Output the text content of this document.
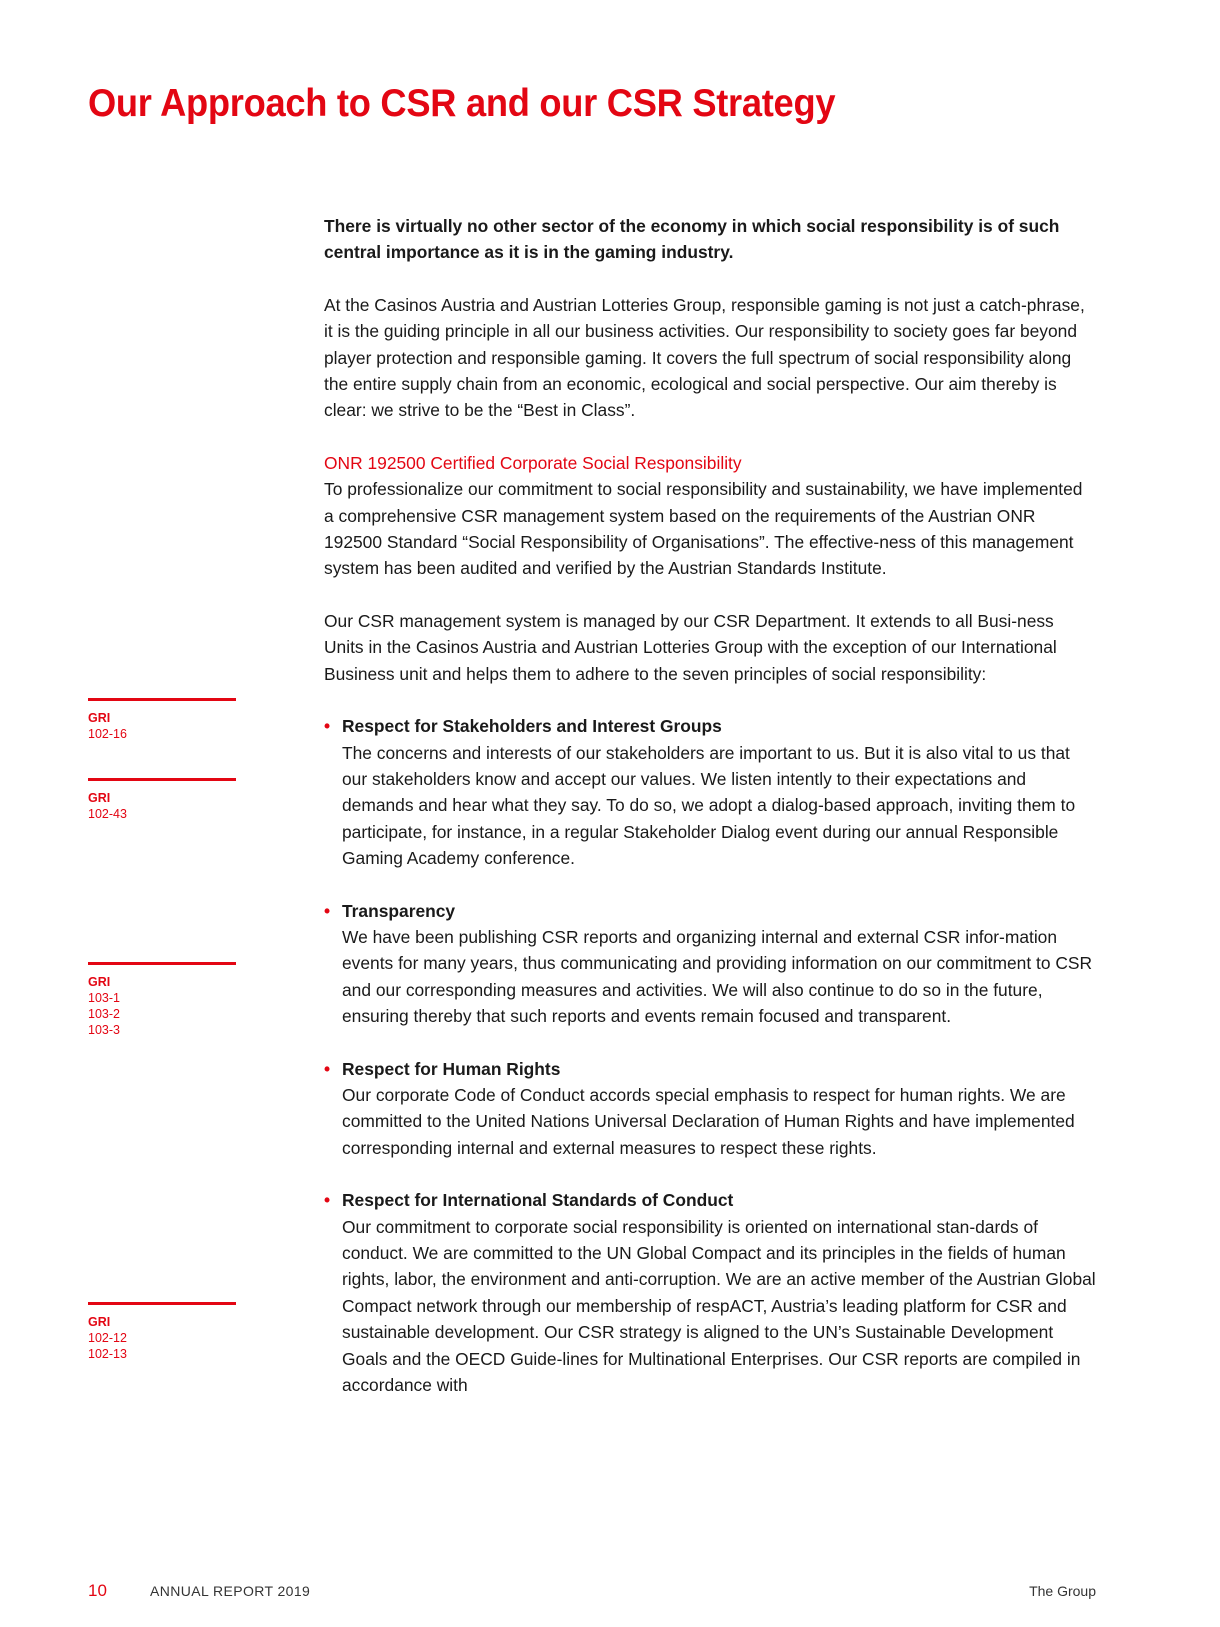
Our Approach to CSR and our CSR Strategy

There is virtually no other sector of the economy in which social responsibility is of such central importance as it is in the gaming industry.

At the Casinos Austria and Austrian Lotteries Group, responsible gaming is not just a catch-phrase, it is the guiding principle in all our business activities. Our responsibility to society goes far beyond player protection and responsible gaming. It covers the full spectrum of social responsibility along the entire supply chain from an economic, ecological and social perspective. Our aim thereby is clear: we strive to be the “Best in Class”.

ONR 192500 Certified Corporate Social Responsibility

To professionalize our commitment to social responsibility and sustainability, we have implemented a comprehensive CSR management system based on the requirements of the Austrian ONR 192500 Standard “Social Responsibility of Organisations”. The effective-ness of this management system has been audited and verified by the Austrian Standards Institute.

Our CSR management system is managed by our CSR Department. It extends to all Busi-ness Units in the Casinos Austria and Austrian Lotteries Group with the exception of our International Business unit and helps them to adhere to the seven principles of social responsibility:

• Respect for Stakeholders and Interest Groups
The concerns and interests of our stakeholders are important to us. But it is also vital to us that our stakeholders know and accept our values. We listen intently to their expectations and demands and hear what they say. To do so, we adopt a dialog-based approach, inviting them to participate, for instance, in a regular Stakeholder Dialog event during our annual Responsible Gaming Academy conference.
• Transparency
We have been publishing CSR reports and organizing internal and external CSR infor-mation events for many years, thus communicating and providing information on our commitment to CSR and our corresponding measures and activities. We will also continue to do so in the future, ensuring thereby that such reports and events remain focused and transparent.
• Respect for Human Rights
Our corporate Code of Conduct accords special emphasis to respect for human rights. We are committed to the United Nations Universal Declaration of Human Rights and have implemented corresponding internal and external measures to respect these rights.
• Respect for International Standards of Conduct
Our commitment to corporate social responsibility is oriented on international stan-dards of conduct. We are committed to the UN Global Compact and its principles in the fields of human rights, labor, the environment and anti-corruption. We are an active member of the Austrian Global Compact network through our membership of respACT, Austria’s leading platform for CSR and sustainable development. Our CSR strategy is aligned to the UN’s Sustainable Development Goals and the OECD Guide-lines for Multinational Enterprises. Our CSR reports are compiled in accordance with
GRI
102-16
GRI
102-43
GRI
103-1
103-2
103-3
GRI
102-12
102-13
10	ANNUAL REPORT 2019	The Group
